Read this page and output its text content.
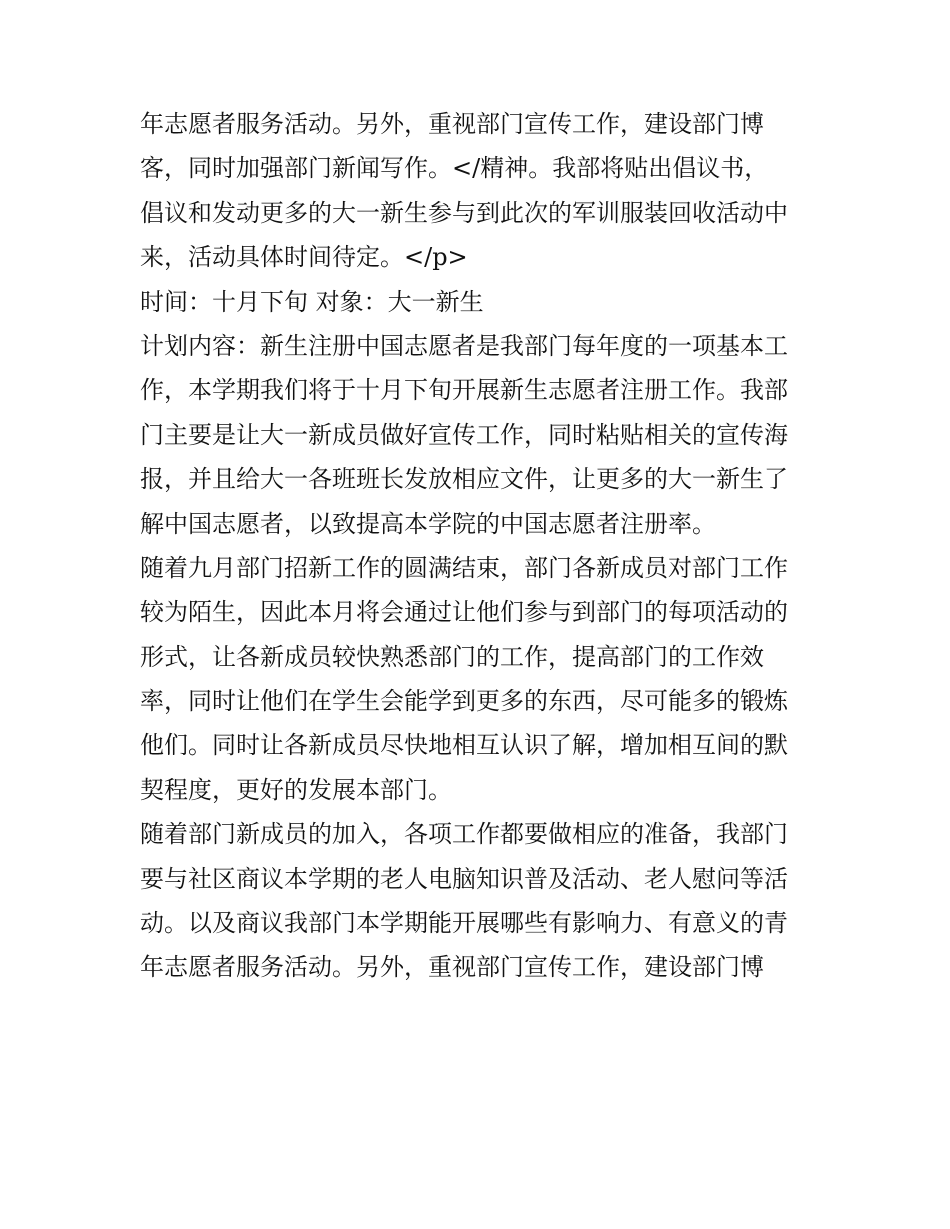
年志愿者服务活动。另外，重视部门宣传工作，建设部门博
客，同时加强部门新闻写作。</精神。我部将贴出倡议书，
倡议和发动更多的大一新生参与到此次的军训服装回收活动中
来，活动具体时间待定。</p>
时间：十月下旬 对象：大一新生
计划内容：新生注册中国志愿者是我部门每年度的一项基本工
作，本学期我们将于十月下旬开展新生志愿者注册工作。我部
门主要是让大一新成员做好宣传工作，同时粘贴相关的宣传海
报，并且给大一各班班长发放相应文件，让更多的大一新生了
解中国志愿者，以致提高本学院的中国志愿者注册率。
随着九月部门招新工作的圆满结束，部门各新成员对部门工作
较为陌生，因此本月将会通过让他们参与到部门的每项活动的
形式，让各新成员较快熟悉部门的工作，提高部门的工作效
率，同时让他们在学生会能学到更多的东西，尽可能多的锻炼
他们。同时让各新成员尽快地相互认识了解，增加相互间的默
契程度，更好的发展本部门。
随着部门新成员的加入，各项工作都要做相应的准备，我部门
要与社区商议本学期的老人电脑知识普及活动、老人慰问等活
动。以及商议我部门本学期能开展哪些有影响力、有意义的青
年志愿者服务活动。另外，重视部门宣传工作，建设部门博
